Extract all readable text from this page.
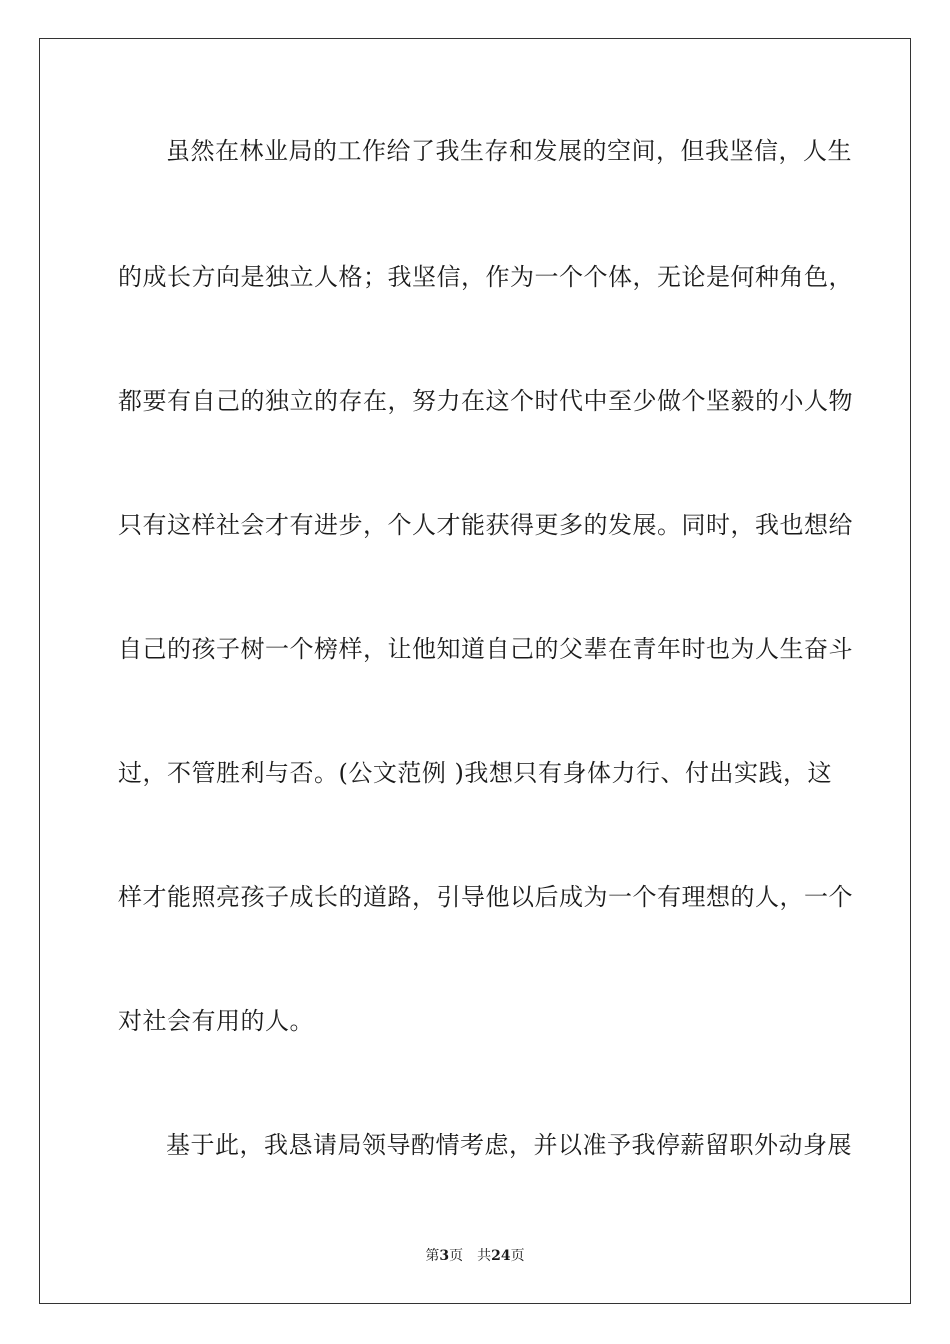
虽然在林业局的工作给了我生存和发展的空间，但我坚信，人生
的成长方向是独立人格；我坚信，作为一个个体，无论是何种角色，
都要有自己的独立的存在，努力在这个时代中至少做个坚毅的小人物
只有这样社会才有进步，个人才能获得更多的发展。同时，我也想给
自己的孩子树一个榜样，让他知道自己的父辈在青年时也为人生奋斗
过，不管胜利与否。(公文范例 )我想只有身体力行、付出实践，这
样才能照亮孩子成长的道路，引导他以后成为一个有理想的人，一个
对社会有用的人。
基于此，我恳请局领导酌情考虑，并以准予我停薪留职外动身展
第3页 共24页
